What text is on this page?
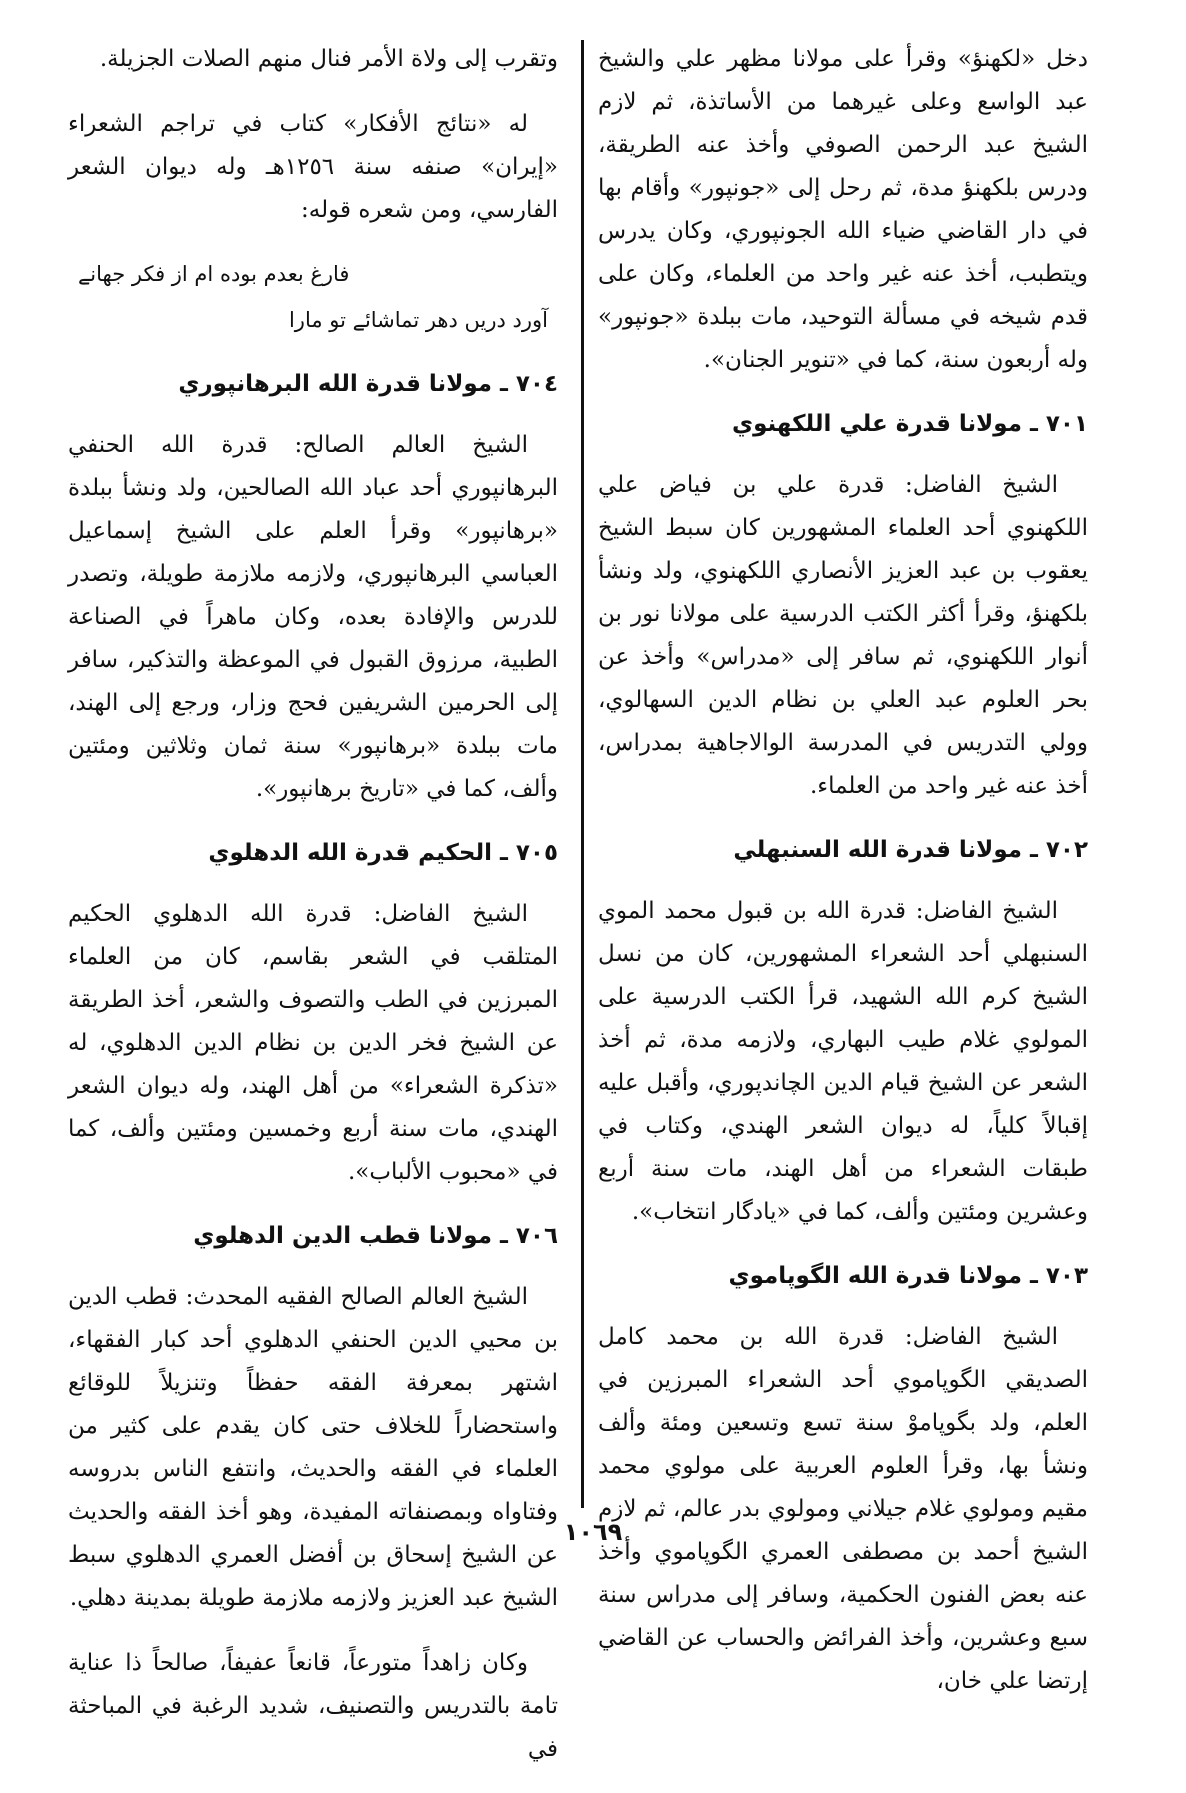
دخل «لكهنؤ» وقرأ على مولانا مظهر علي والشيخ عبد الواسع وعلى غيرهما من الأساتذة، ثم لازم الشيخ عبد الرحمن الصوفي وأخذ عنه الطريقة، ودرس بلكهنؤ مدة، ثم رحل إلى «جونپور» وأقام بها في دار القاضي ضياء الله الجونپوري، وكان يدرس ويتطبب، أخذ عنه غير واحد من العلماء، وكان على قدم شيخه في مسألة التوحيد، مات ببلدة «جونپور» وله أربعون سنة، كما في «تنوير الجنان».

٧٠١ ـ مولانا قدرة علي اللكهنوي

الشيخ الفاضل: قدرة علي بن فياض علي اللكهنوي أحد العلماء المشهورين كان سبط الشيخ يعقوب بن عبد العزيز الأنصاري اللكهنوي، ولد ونشأ بلكهنؤ، وقرأ أكثر الكتب الدرسية على مولانا نور بن أنوار اللكهنوي، ثم سافر إلى «مدراس» وأخذ عن بحر العلوم عبد العلي بن نظام الدين السهالوي، وولي التدريس في المدرسة الوالاجاهية بمدراس، أخذ عنه غير واحد من العلماء.

٧٠٢ ـ مولانا قدرة الله السنبهلي

الشيخ الفاضل: قدرة الله بن قبول محمد الموي السنبهلي أحد الشعراء المشهورين، كان من نسل الشيخ كرم الله الشهيد، قرأ الكتب الدرسية على المولوي غلام طيب البهاري، ولازمه مدة، ثم أخذ الشعر عن الشيخ قيام الدين الچاندپوري، وأقبل عليه إقبالاً كلياً، له ديوان الشعر الهندي، وكتاب في طبقات الشعراء من أهل الهند، مات سنة أربع وعشرين ومئتين وألف، كما في «يادگار انتخاب».

٧٠٣ ـ مولانا قدرة الله الگوپاموي

الشيخ الفاضل: قدرة الله بن محمد كامل الصديقي الگوپاموي أحد الشعراء المبرزين في العلم، ولد بگوپاموْ سنة تسع وتسعين ومئة وألف ونشأ بها، وقرأ العلوم العربية على مولوي محمد مقيم ومولوي غلام جيلاني ومولوي بدر عالم، ثم لازم الشيخ أحمد بن مصطفى العمري الگوپاموي وأخذ عنه بعض الفنون الحكمية، وسافر إلى مدراس سنة سبع وعشرين، وأخذ الفرائض والحساب عن القاضي إرتضا علي خان،

وتقرب إلى ولاة الأمر فنال منهم الصلات الجزيلة.

له «نتائج الأفكار» كتاب في تراجم الشعراء «إيران» صنفه سنة ١٢٥٦هـ وله ديوان الشعر الفارسي، ومن شعره قوله:

فارغ بعدم بوده ام از فكر جهانے
آورد دريں دهر تماشائے تو مارا
٧٠٤ ـ مولانا قدرة الله البرهانپوري

الشيخ العالم الصالح: قدرة الله الحنفي البرهانپوري أحد عباد الله الصالحين، ولد ونشأ ببلدة «برهانپور» وقرأ العلم على الشيخ إسماعيل العباسي البرهانپوري، ولازمه ملازمة طويلة، وتصدر للدرس والإفادة بعده، وكان ماهراً في الصناعة الطبية، مرزوق القبول في الموعظة والتذكير، سافر إلى الحرمين الشريفين فحج وزار، ورجع إلى الهند، مات ببلدة «برهانپور» سنة ثمان وثلاثين ومئتين وألف، كما في «تاريخ برهانپور».

٧٠٥ ـ الحكيم قدرة الله الدهلوي

الشيخ الفاضل: قدرة الله الدهلوي الحكيم المتلقب في الشعر بقاسم، كان من العلماء المبرزين في الطب والتصوف والشعر، أخذ الطريقة عن الشيخ فخر الدين بن نظام الدين الدهلوي، له «تذكرة الشعراء» من أهل الهند، وله ديوان الشعر الهندي، مات سنة أربع وخمسين ومئتين وألف، كما في «محبوب الألباب».

٧٠٦ ـ مولانا قطب الدين الدهلوي

الشيخ العالم الصالح الفقيه المحدث: قطب الدين بن محيي الدين الحنفي الدهلوي أحد كبار الفقهاء، اشتهر بمعرفة الفقه حفظاً وتنزيلاً للوقائع واستحضاراً للخلاف حتى كان يقدم على كثير من العلماء في الفقه والحديث، وانتفع الناس بدروسه وفتاواه وبمصنفاته المفيدة، وهو أخذ الفقه والحديث عن الشيخ إسحاق بن أفضل العمري الدهلوي سبط الشيخ عبد العزيز ولازمه ملازمة طويلة بمدينة دهلي.

وكان زاهداً متورعاً، قانعاً عفيفاً، صالحاً ذا عناية تامة بالتدريس والتصنيف، شديد الرغبة في المباحثة في

١٠٦٩
